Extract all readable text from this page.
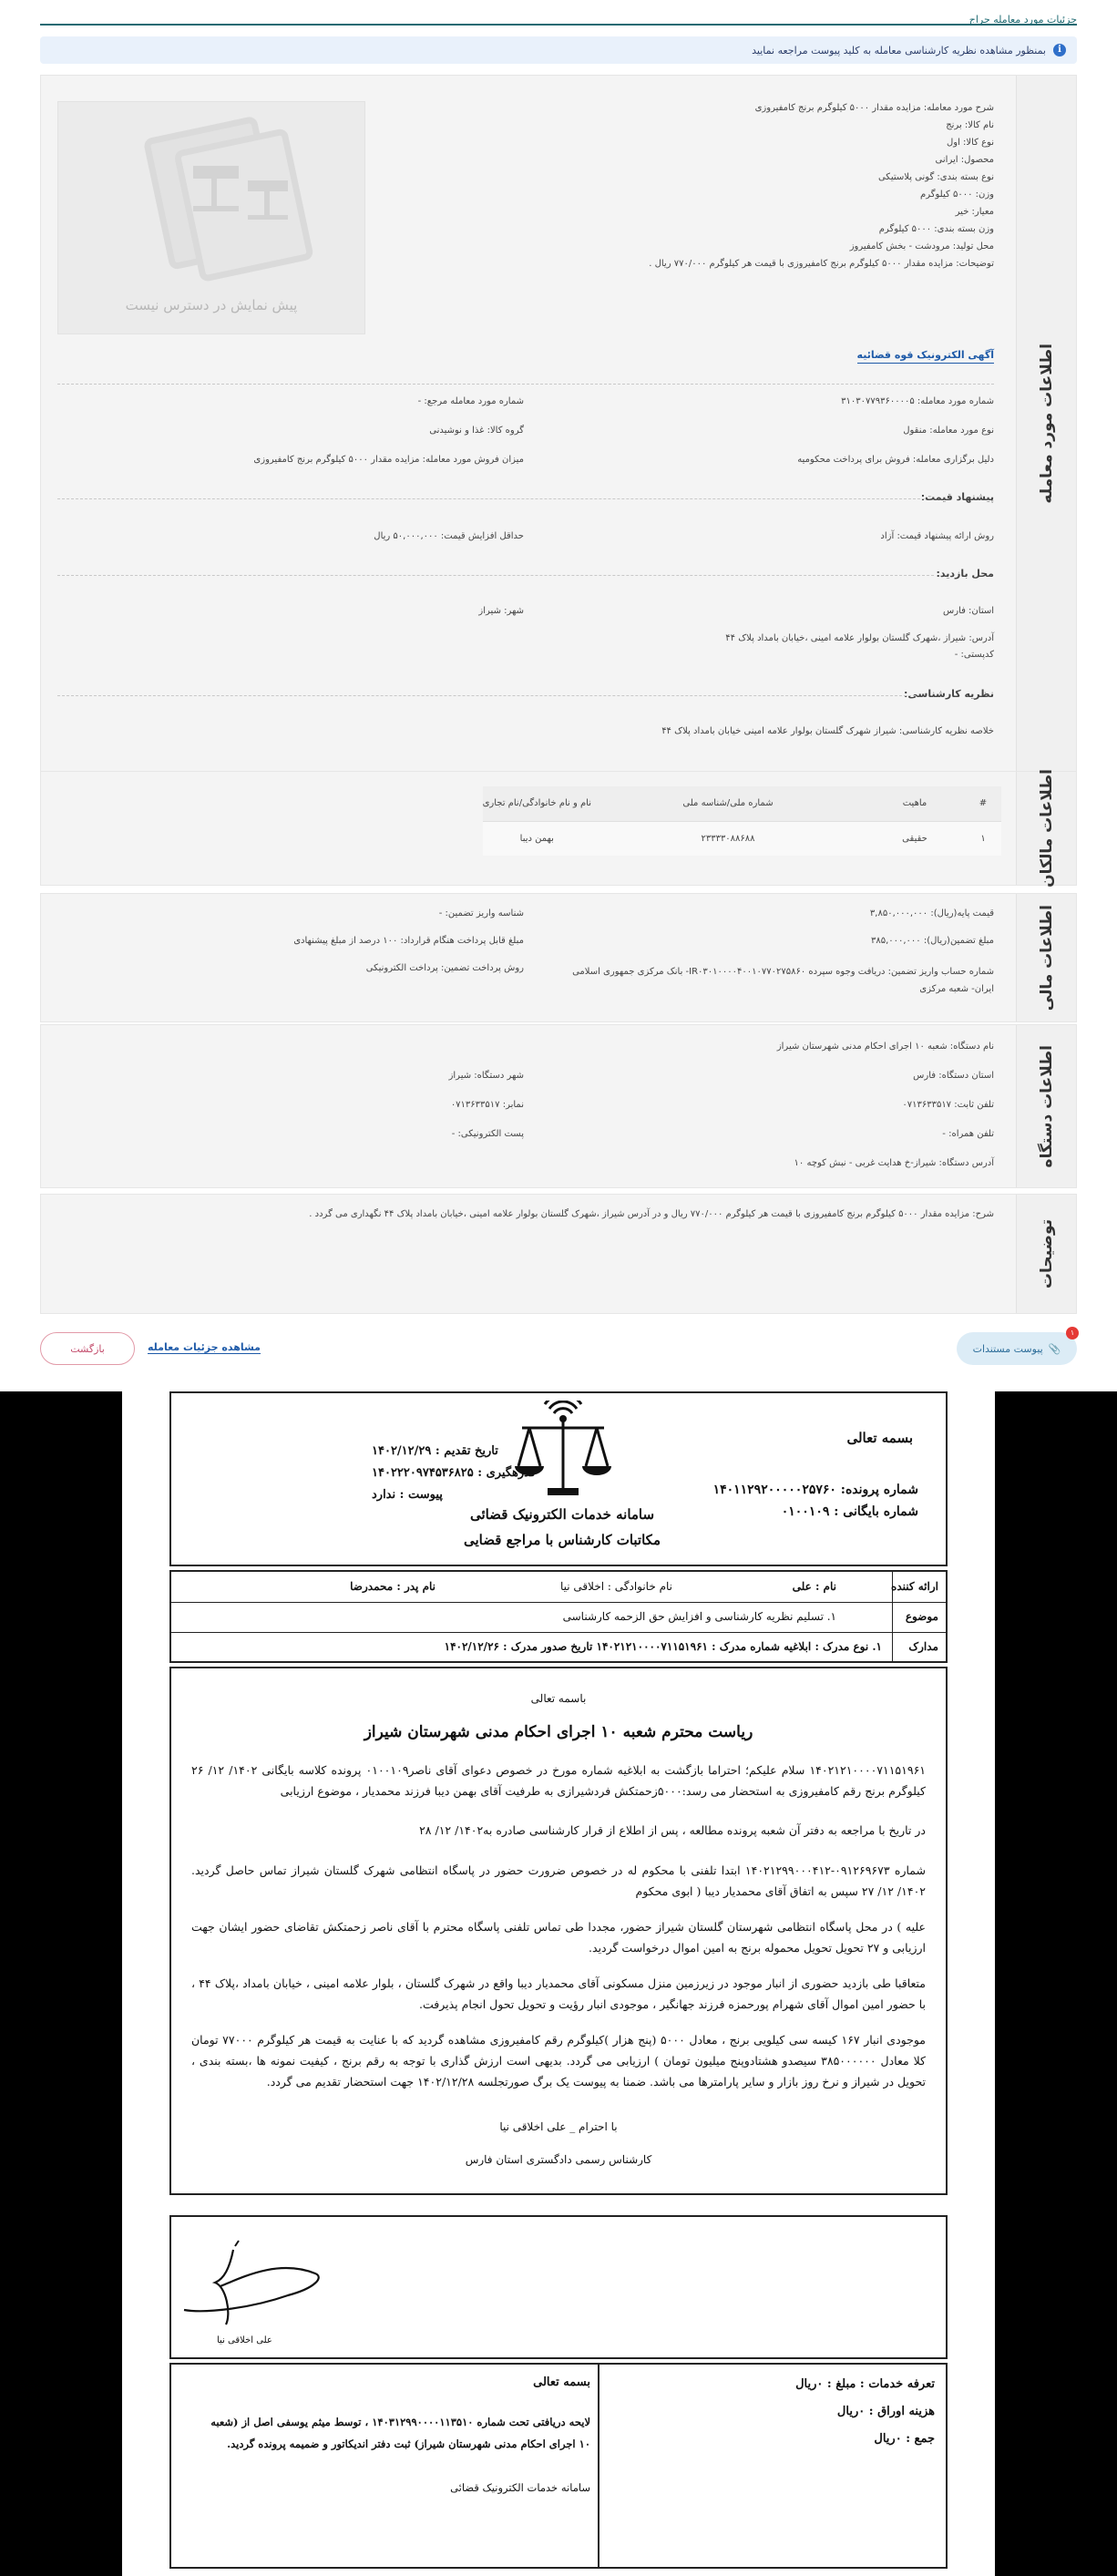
جزئیات مورد معامله حراج
i
بمنظور مشاهده نظریه کارشناسی معامله به کلید پیوست مراجعه نمایید
اطلاعات مورد معامله
پیش نمایش در دسترس نیست
شرح مورد معامله: مزایده مقدار ۵۰۰۰ کیلوگرم برنج کامفیروزی
نام کالا: برنج
نوع کالا: اول
محصول: ایرانی
نوع بسته بندی: گونی پلاستیکی
وزن: ۵۰۰۰ کیلوگرم
معیار: خیر
وزن بسته بندی: ۵۰۰۰ کیلوگرم
محل تولید: مرودشت - بخش کامفیروز
توضیحات: مزایده مقدار ۵۰۰۰ کیلوگرم برنج کامفیروزی با قیمت هر کیلوگرم ۷۷۰/۰۰۰ ریال .
آگهی الکترونیک قوه قضائیه
شماره مورد معامله: ۳۱۰۳۰۷۷۹۳۶۰۰۰۰۵
شماره مورد معامله مرجع: -
نوع مورد معامله: منقول
گروه کالا: غذا و نوشیدنی
دلیل برگزاری معامله: فروش برای پرداخت محکومیه
میزان فروش مورد معامله: مزایده مقدار ۵۰۰۰ کیلوگرم برنج کامفیروزی
پیشنهاد قیمت:
روش ارائه پیشنهاد قیمت: آزاد
حداقل افزایش قیمت: ۵۰,۰۰۰,۰۰۰ ریال
محل بازدید:
استان: فارس
شهر: شیراز
آدرس: شیراز ،شهرک گلستان بولوار علامه امینی ،خیابان بامداد پلاک ۴۴
کدپستی: -
نظریه کارشناسی:
خلاصه نظریه کارشناسی: شیراز شهرک گلستان بولوار علامه امینی خیابان بامداد پلاک ۴۴
اطلاعات مالکان
#	ماهیت	شماره ملی/شناسه ملی	نام و نام خانوادگی/نام تجاری
۱	حقیقی	۲۳۳۳۳۰۸۸۶۸۸	بهمن دیبا
اطلاعات مالی
قیمت پایه(ریال): ۳,۸۵۰,۰۰۰,۰۰۰
شناسه واریز تضمین: -
مبلغ تضمین(ریال): ۳۸۵,۰۰۰,۰۰۰
مبلغ قابل پرداخت هنگام قرارداد: ۱۰۰ درصد از مبلغ پیشنهادی
شماره حساب واریز تضمین: دریافت وجوه سپرده IR۰۳۰۱۰۰۰۰۴۰۰۱۰۷۷۰۲۷۵۸۶۰- بانک مرکزی جمهوری اسلامی ایران- شعبه مرکزی
روش پرداخت تضمین: پرداخت الکترونیکی
اطلاعات دستگاه
نام دستگاه: شعبه ۱۰ اجرای احکام مدنی شهرستان شیراز
استان دستگاه: فارس
شهر دستگاه: شیراز
تلفن ثابت: ۰۷۱۳۶۳۳۵۱۷
نمابر: ۰۷۱۳۶۳۳۵۱۷
تلفن همراه: -
پست الکترونیکی: -
آدرس دستگاه: شیراز-خ هدایت غربی - نبش کوچه ۱۰
توضیحات
شرح: مزایده مقدار ۵۰۰۰ کیلوگرم برنج کامفیروزی با قیمت هر کیلوگرم ۷۷۰/۰۰۰ ریال و در آدرس شیراز ،شهرک گلستان بولوار علامه امینی ،خیابان بامداد پلاک ۴۴ نگهداری می گردد .
۱
📎
پیوست مستندات
مشاهده جزئیات معامله
بازگشت
بسمه تعالی
شماره پرونده: ۱۴۰۱۱۲۹۲۰۰۰۰۰۲۵۷۶۰
شماره بایگانی : ۰۱۰۰۱۰۹
سامانه خدمات الکترونیک قضائی
مکاتبات کارشناس با مراجع قضایی
تاریخ تقدیم : ۱۴۰۲/۱۲/۲۹
کدرهگیری : ۱۴۰۲۲۲۰۹۷۴۵۳۶۸۲۵
پیوست : ندارد
ارائه کننده
نام : علی
نام خانوادگی : اخلاقی نیا
نام پدر : محمدرضا
موضوع
۱. تسلیم نظریه کارشناسی و افزایش حق الزحمه کارشناسی
مدارک
۱. نوع مدرک : ابلاغیه شماره مدرک : ۱۴۰۲۱۲۱۰۰۰۰۷۱۱۵۱۹۶۱ تاریخ صدور مدرک : ۱۴۰۲/۱۲/۲۶
باسمه تعالی
ریاست محترم شعبه ۱۰ اجرای احکام مدنی شهرستان شیراز
۱۴۰۲۱۲۱۰۰۰۰۷۱۱۵۱۹۶۱ سلام علیکم؛ احتراما بازگشت به ابلاغیه شماره مورخ در خصوص دعوای آقای ناصر۰۱۰۰۱۰۹ پرونده کلاسه بایگانی ۱۴۰۲/ ۱۲/ ۲۶ کیلوگرم برنج رقم کامفیروزی به استحضار می رسد:۵۰۰۰زحمتکش فردشیرازی به طرفیت آقای بهمن دیبا فرزند محمدیار ، موضوع ارزیابی
در تاریخ با مراجعه به دفتر آن شعبه پرونده مطالعه ، پس از اطلاع از قرار کارشناسی صادره به۱۴۰۲/ ۱۲/ ۲۸
شماره ۰۹۱۲۶۹۶۷۳-۱۴۰۲۱۲۹۹۰۰۰۴۱۲ ابتدا تلفنی با محکوم له در خصوص ضرورت حضور در پاسگاه انتظامی شهرک گلستان شیراز تماس حاصل گردید. ۱۴۰۲/ ۱۲/ ۲۷ سپس به اتفاق آقای محمدیار دیبا ( ابوی محکوم
علیه ) در محل پاسگاه انتظامی شهرستان گلستان شیراز حضور، مجددا طی تماس تلفنی پاسگاه محترم با آقای ناصر زحمتکش تقاضای حضور ایشان جهت ارزیابی و ۲۷ تحویل تحویل محموله برنج به امین اموال درخواست گردید.
متعاقبا طی بازدید حضوری از انبار موجود در زیرزمین منزل مسکونی آقای محمدیار دیبا واقع در شهرک گلستان ، بلوار علامه امینی ، خیابان بامداد ،پلاک ۴۴ ، با حضور امین اموال آقای شهرام پورحمزه فرزند جهانگیر ، موجودی انبار رؤیت و تحویل تحول انجام پذیرفت.
موجودی انبار ۱۶۷ کیسه سی کیلویی برنج ، معادل ۵۰۰۰ (پنج هزار )کیلوگرم رقم کامفیروزی مشاهده گردید که با عنایت به قیمت هر کیلوگرم ۷۷۰۰۰ تومان کلا معادل ۳۸۵۰۰۰۰۰۰ سیصدو هشتادوپنج میلیون تومان ) ارزیابی می گردد. بدیهی است ارزش گذاری با توجه به رقم برنج ، کیفیت نمونه ها ،بسته بندی ، تحویل در شیراز و نرخ روز بازار و سایر پارامترها می باشد. ضمنا به پیوست یک برگ صورتجلسه ۱۴۰۲/۱۲/۲۸ جهت استحضار تقدیم می گردد.
با احترام _ علی اخلاقی نیا
کارشناس رسمی دادگستری استان فارس
علی اخلاقی نیا
تعرفه خدمات : مبلغ : ۰ریال
هزینه اوراق : ۰ریال
جمع : ۰ریال
بسمه تعالی
لایحه دریافتی تحت شماره ۱۴۰۳۱۲۹۹۰۰۰۰۱۱۳۵۱۰ ، توسط میثم یوسفی اصل از (شعبه
۱۰ اجرای احکام مدنی شهرستان شیراز) ثبت دفتر اندیکاتور و ضمیمه پرونده گردید.
سامانه خدمات الکترونیک قضائی
